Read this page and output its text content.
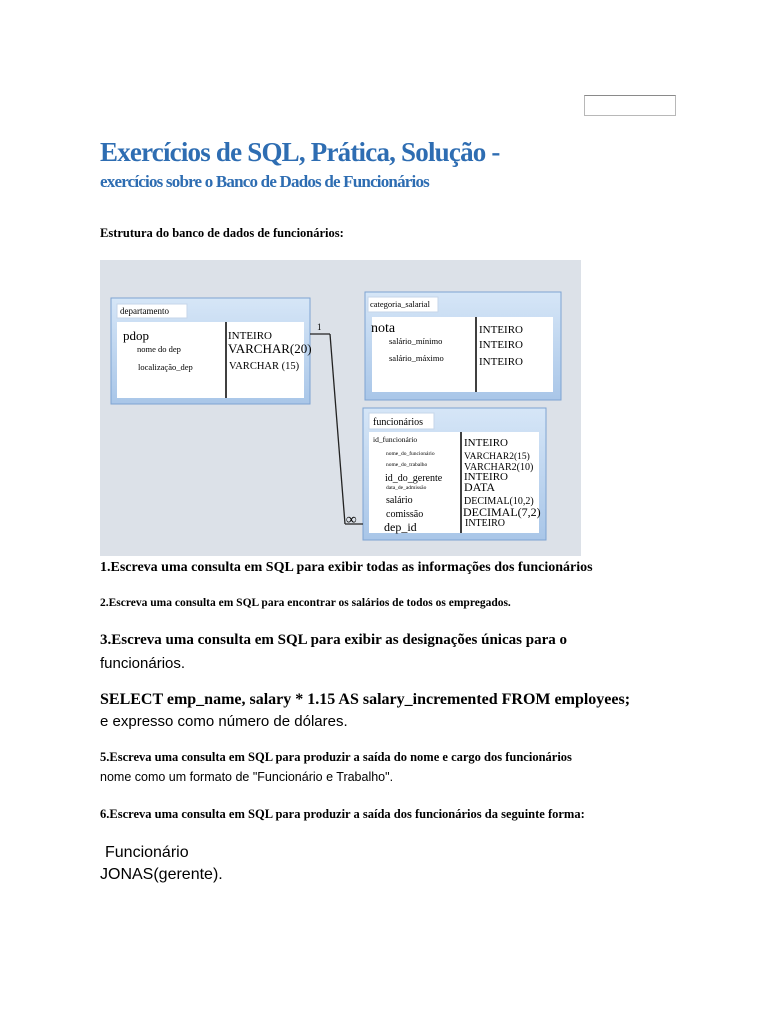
Exercícios de SQL, Prática, Solução -
exercícios sobre o Banco de Dados de Funcionários
Estrutura do banco de dados de funcionários:
departamento
pdop
nome do dep
localização_dep
INTEIRO
VARCHAR(20)
VARCHAR (15)
categoria_salarial
nota
salário_mínimo
salário_máximo
INTEIRO
INTEIRO
INTEIRO
funcionários
id_funcionário
nome_do_funcionário
nome_do_trabalho
id_do_gerente
data_de_admissão
salário
comissão
dep_id
INTEIRO
VARCHAR2(15)
VARCHAR2(10)
INTEIRO
DATA
DECIMAL(10,2)
DECIMAL(7,2)
INTEIRO
1
∞
1.Escreva uma consulta em SQL para exibir todas as informações dos funcionários
2.Escreva uma consulta em SQL para encontrar os salários de todos os empregados.
3.Escreva uma consulta em SQL para exibir as designações únicas para o
funcionários.
SELECT emp_name, salary * 1.15 AS salary_incremented FROM employees;
e expresso como número de dólares.
5.Escreva uma consulta em SQL para produzir a saída do nome e cargo dos funcionários
nome como um formato de "Funcionário e Trabalho".
6.Escreva uma consulta em SQL para produzir a saída dos funcionários da seguinte forma:
Funcionário
JONAS(gerente).
